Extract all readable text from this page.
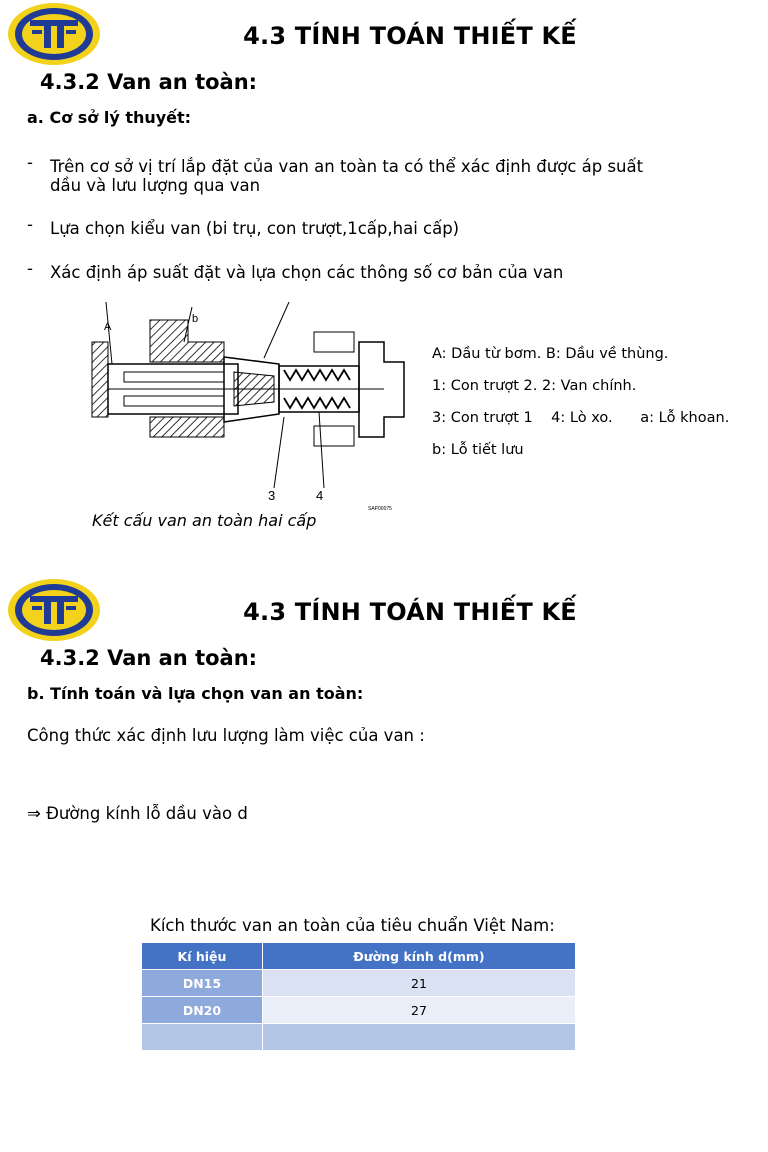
4.3 TÍNH TOÁN THIẾT KẾ
4.3.2 Van an toàn:
a. Cơ sở lý thuyết:
- Trên cơ sở vị trí lắp đặt của van an toàn ta có thể xác định được áp suất
dầu và lưu lượng qua van
- Lựa chọn kiểu van (bi trụ, con trượt,1cấp,hai cấp)
- Xác định áp suất đặt và lựa chọn các thông số cơ bản của van
A
b
3	4
SAP00075
A: Dầu từ bơm. B: Dầu về thùng.
1: Con trượt 2. 2: Van chính.
3: Con trượt 1    4: Lò xo.      a: Lỗ khoan.
b: Lỗ tiết lưu
Kết cấu van an toàn hai cấp
4.3 TÍNH TOÁN THIẾT KẾ
4.3.2 Van an toàn:
b. Tính toán và lựa chọn van an toàn:
Công thức xác định lưu lượng làm việc của van :
⇒ Đường kính lỗ dầu vào d
Kích thước van an toàn của tiêu chuẩn Việt Nam:
Kí hiệu	Đường kính d(mm)
DN15	21
DN20	27
